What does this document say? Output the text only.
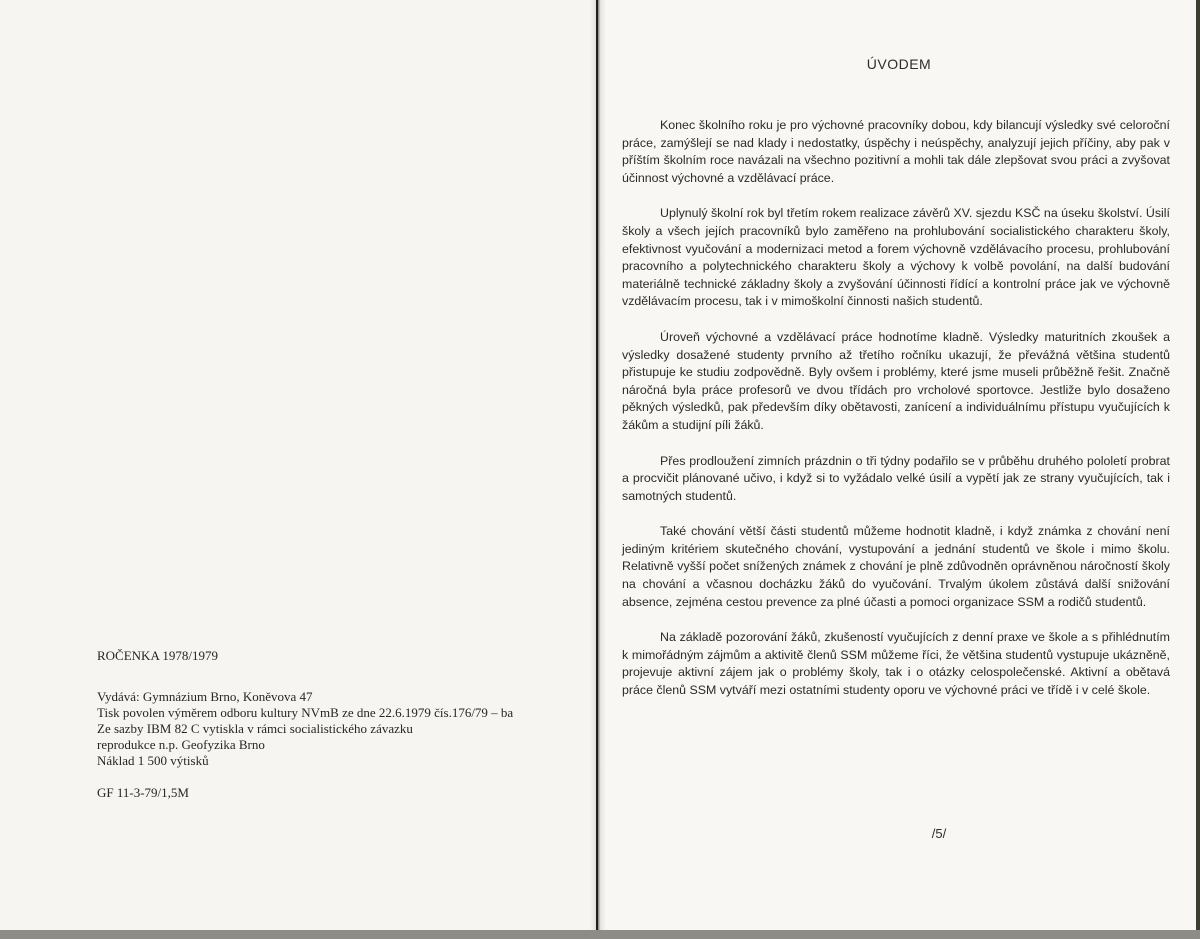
ROČENKA 1978/1979
Vydává: Gymnázium Brno, Koněvova 47
Tisk povolen výměrem odboru kultury NVmB ze dne 22.6.1979 čís.176/79 – ba
Ze sazby IBM 82 C vytiskla v rámci socialistického závazku
reprodukce n.p. Geofyzika Brno
Náklad 1 500 výtisků
GF 11-3-79/1,5M
ÚVODEM

Konec školního roku je pro výchovné pracovníky dobou, kdy bilancují výsledky své celoroční práce, zamýšlejí se nad klady i nedostatky, úspěchy i neúspěchy, analyzují jejich příčiny, aby pak v příštím školním roce navázali na všechno pozitivní a mohli tak dále zlepšovat svou práci a zvyšovat účinnost výchovné a vzdělávací práce.

Uplynulý školní rok byl třetím rokem realizace závěrů XV. sjezdu KSČ na úseku školství. Úsilí školy a všech jejích pracovníků bylo zaměřeno na prohlubování socialistického charakteru školy, efektivnost vyučování a modernizaci metod a forem výchovně vzdělávacího procesu, prohlubování pracovního a polytechnického charakteru školy a výchovy k volbě povolání, na další budování materiálně technické základny školy a zvyšování účinnosti řídící a kontrolní práce jak ve výchovně vzdělávacím procesu, tak i v mimoškolní činnosti našich studentů.

Úroveň výchovné a vzdělávací práce hodnotíme kladně. Výsledky maturitních zkoušek a výsledky dosažené studenty prvního až třetího ročníku ukazují, že převážná většina studentů přistupuje ke studiu zodpovědně. Byly ovšem i problémy, které jsme museli průběžně řešit. Značně náročná byla práce profesorů ve dvou třídách pro vrcholové sportovce. Jestliže bylo dosaženo pěkných výsledků, pak především díky obětavosti, zanícení a individuálnímu přístupu vyučujících k žákům a studijní píli žáků.

Přes prodloužení zimních prázdnin o tři týdny podařilo se v průběhu druhého pololetí probrat a procvičit plánované učivo, i když si to vyžádalo velké úsilí a vypětí jak ze strany vyučujících, tak i samotných studentů.

Také chování větší části studentů můžeme hodnotit kladně, i když známka z chování není jediným kritériem skutečného chování, vystupování a jednání studentů ve škole i mimo školu. Relativně vyšší počet snížených známek z chování je plně zdůvodněn oprávněnou náročností školy na chování a včasnou docházku žáků do vyučování. Trvalým úkolem zůstává další snižování absence, zejména cestou prevence za plné účasti a pomoci organizace SSM a rodičů studentů.

Na základě pozorování žáků, zkušeností vyučujících z denní praxe ve škole a s přihlédnutím k mimořádným zájmům a aktivitě členů SSM můžeme říci, že většina studentů vystupuje ukázněně, projevuje aktivní zájem jak o problémy školy, tak i o otázky celospolečenské. Aktivní a obětavá práce členů SSM vytváří mezi ostatními studenty oporu ve výchovné práci ve třídě i v celé škole.

/5/
